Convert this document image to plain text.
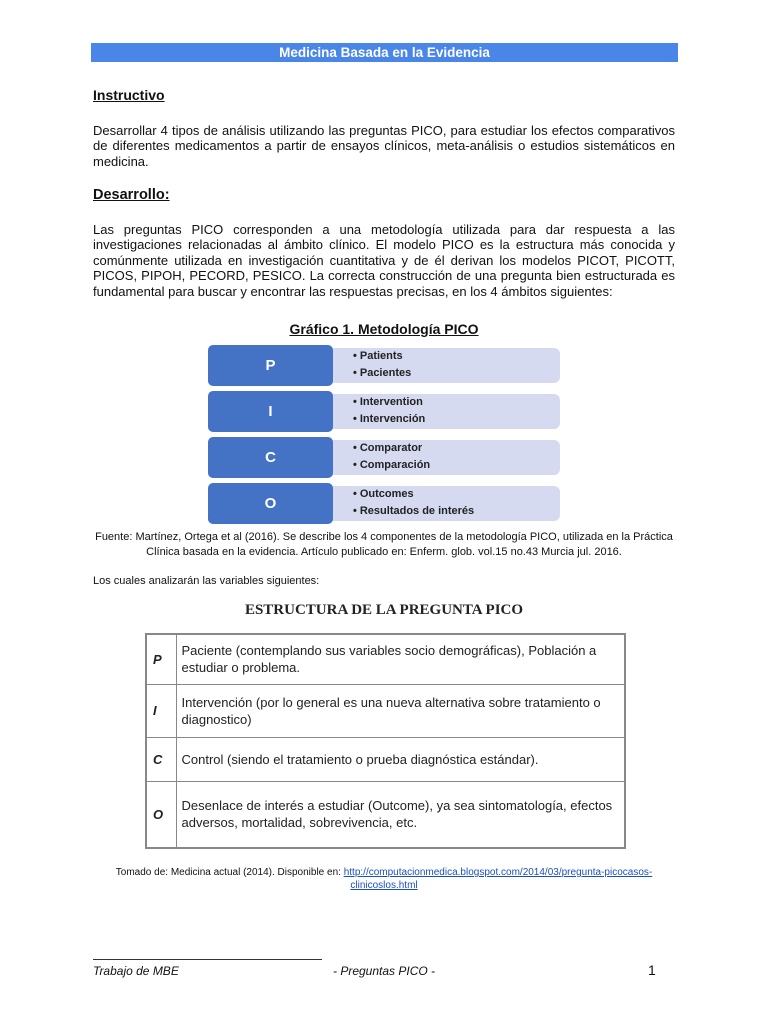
Medicina Basada en la Evidencia
Instructivo

Desarrollar 4 tipos de análisis utilizando las preguntas PICO, para estudiar los efectos comparativos de diferentes medicamentos a partir de ensayos clínicos, meta-análisis o estudios sistemáticos en medicina.

Desarrollo:

Las preguntas PICO corresponden a una metodología utilizada para dar respuesta a las investigaciones relacionadas al ámbito clínico. El modelo PICO es la estructura más conocida y comúnmente utilizada en investigación cuantitativa y de él derivan los modelos PICOT, PICOTT, PICOS, PIPOH, PECORD, PESICO. La correcta construcción de una pregunta bien estructurada es fundamental para buscar y encontrar las respuestas precisas, en los 4 ámbitos siguientes:

Gráfico 1. Metodología PICO
P
• Patients
• Pacientes
I
• Intervention
• Intervención
C
• Comparator
• Comparación
O
• Outcomes
• Resultados de interés
Fuente: Martínez, Ortega et al (2016). Se describe los 4 componentes de la metodología PICO, utilizada en la Práctica Clínica basada en la evidencia. Artículo publicado en: Enferm. glob. vol.15 no.43 Murcia jul. 2016.
Los cuales analizarán las variables siguientes:
ESTRUCTURA DE LA PREGUNTA PICO
P	Paciente (contemplando sus variables socio demográficas), Población a estudiar o problema.
I	Intervención (por lo general es una nueva alternativa sobre tratamiento o diagnostico)
C	Control (siendo el tratamiento o prueba diagnóstica estándar).
O	Desenlace de interés a estudiar (Outcome), ya sea sintomatología, efectos adversos, mortalidad, sobrevivencia, etc.
Tomado de: Medicina actual (2014). Disponible en: http://computacionmedica.blogspot.com/2014/03/pregunta-picocasos-clinicoslos.html
Trabajo de MBE	- Preguntas PICO -	1
